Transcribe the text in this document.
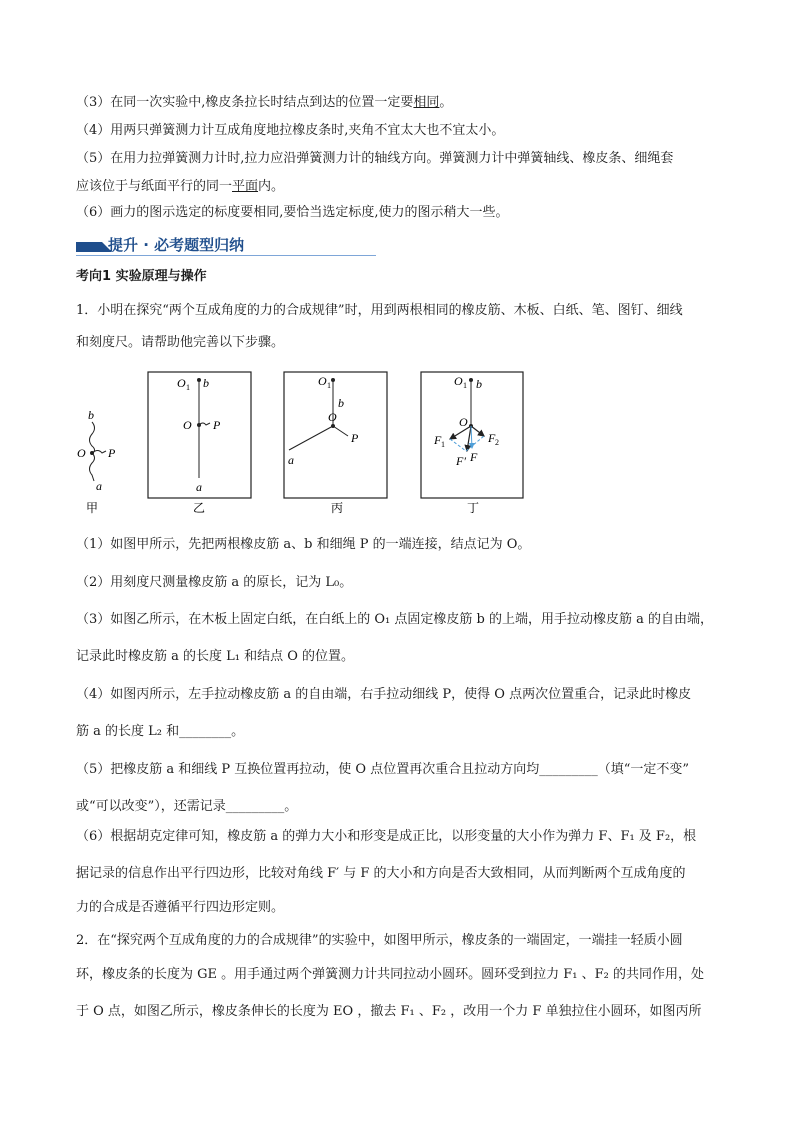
（3）在同一次实验中,橡皮条拉长时结点到达的位置一定要相同。
（4）用两只弹簧测力计互成角度地拉橡皮条时,夹角不宜太大也不宜太小。
（5）在用力拉弹簧测力计时,拉力应沿弹簧测力计的轴线方向。弹簧测力计中弹簧轴线、橡皮条、细绳套
应该位于与纸面平行的同一平面内。
（6）画力的图示选定的标度要相同,要恰当选定标度,使力的图示稍大一些。
提升 · 必考题型归纳
考向1 实验原理与操作
1．小明在探究“两个互成角度的力的合成规律”时，用到两根相同的橡皮筋、木板、白纸、笔、图钉、细线
和刻度尺。请帮助他完善以下步骤。
b
O P
a
甲
O 1 b
O P
a
乙
O 1
b
O
a
P
丙
O 1 b
O
F 1	F 2
F′ F
丁
（1）如图甲所示，先把两根橡皮筋 a、b 和细绳 P 的一端连接，结点记为 O。
（2）用刻度尺测量橡皮筋 a 的原长，记为 L₀。
（3）如图乙所示，在木板上固定白纸，在白纸上的 O₁ 点固定橡皮筋 b 的上端，用手拉动橡皮筋 a 的自由端，
记录此时橡皮筋 a 的长度 L₁ 和结点 O 的位置。
（4）如图丙所示，左手拉动橡皮筋 a 的自由端，右手拉动细线 P，使得 O 点两次位置重合，记录此时橡皮
筋 a 的长度 L₂ 和________。
（5）把橡皮筋 a 和细线 P 互换位置再拉动，使 O 点位置再次重合且拉动方向均_________（填“一定不变”
或“可以改变”），还需记录_________。
（6）根据胡克定律可知，橡皮筋 a 的弹力大小和形变是成正比，以形变量的大小作为弹力 F、F₁ 及 F₂，根
据记录的信息作出平行四边形，比较对角线 F′ 与 F 的大小和方向是否大致相同，从而判断两个互成角度的
力的合成是否遵循平行四边形定则。
2．在“探究两个互成角度的力的合成规律”的实验中，如图甲所示，橡皮条的一端固定，一端挂一轻质小圆
环，橡皮条的长度为 GE 。用手通过两个弹簧测力计共同拉动小圆环。圆环受到拉力 F₁ 、F₂ 的共同作用，处
于 O 点，如图乙所示，橡皮条伸长的长度为 EO ，撤去 F₁ 、F₂ ，改用一个力 F 单独拉住小圆环，如图丙所
